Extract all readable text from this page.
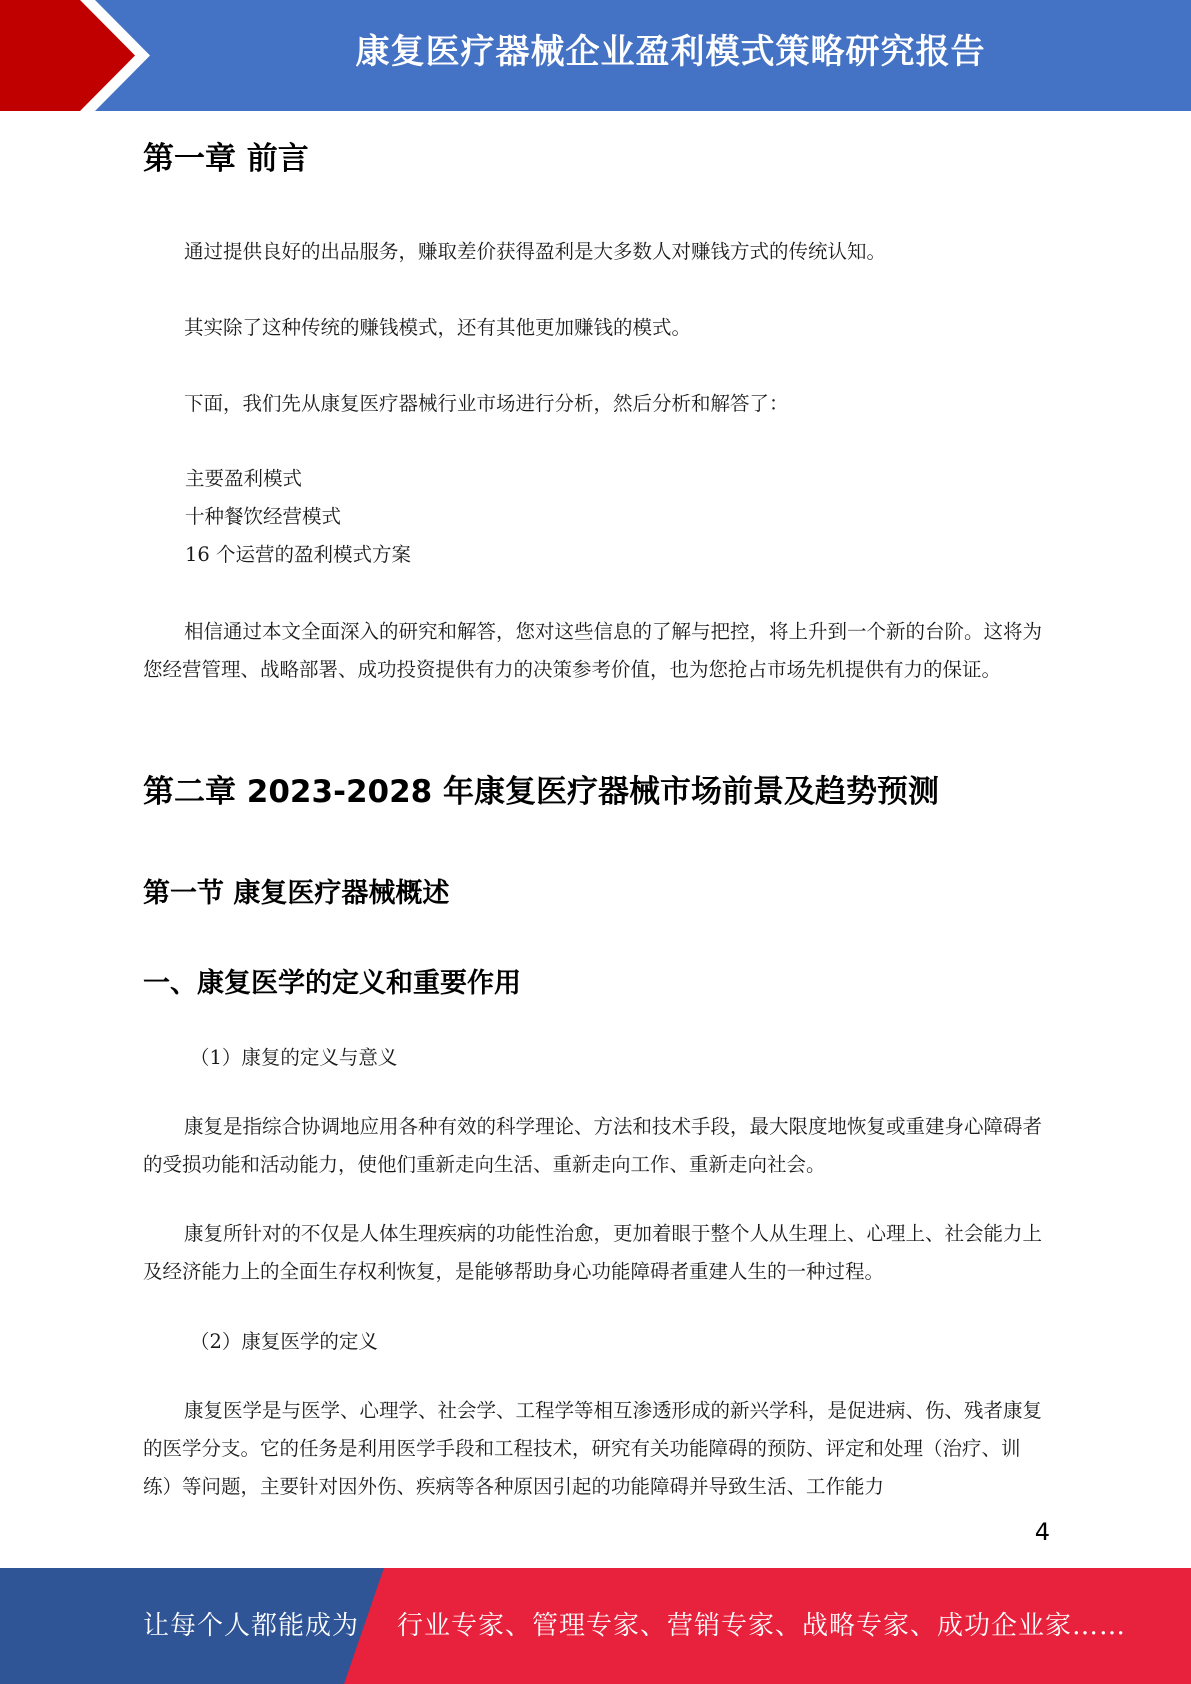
康复医疗器械企业盈利模式策略研究报告
第一章 前言

通过提供良好的出品服务，赚取差价获得盈利是大多数人对赚钱方式的传统认知。

其实除了这种传统的赚钱模式，还有其他更加赚钱的模式。

下面，我们先从康复医疗器械行业市场进行分析，然后分析和解答了：

主要盈利模式
十种餐饮经营模式
16 个运营的盈利模式方案

相信通过本文全面深入的研究和解答，您对这些信息的了解与把控，将上升到一个新的台阶。这将为您经营管理、战略部署、成功投资提供有力的决策参考价值，也为您抢占市场先机提供有力的保证。

第二章 2023-2028 年康复医疗器械市场前景及趋势预测
第一节 康复医疗器械概述
一、康复医学的定义和重要作用

（1）康复的定义与意义

康复是指综合协调地应用各种有效的科学理论、方法和技术手段，最大限度地恢复或重建身心障碍者的受损功能和活动能力，使他们重新走向生活、重新走向工作、重新走向社会。

康复所针对的不仅是人体生理疾病的功能性治愈，更加着眼于整个人从生理上、心理上、社会能力上及经济能力上的全面生存权利恢复，是能够帮助身心功能障碍者重建人生的一种过程。

（2）康复医学的定义

康复医学是与医学、心理学、社会学、工程学等相互渗透形成的新兴学科，是促进病、伤、残者康复的医学分支。它的任务是利用医学手段和工程技术，研究有关功能障碍的预防、评定和处理（治疗、训练）等问题，主要针对因外伤、疾病等各种原因引起的功能障碍并导致生活、工作能力

4
让每个人都能成为 行业专家、管理专家、营销专家、战略专家、成功企业家……
